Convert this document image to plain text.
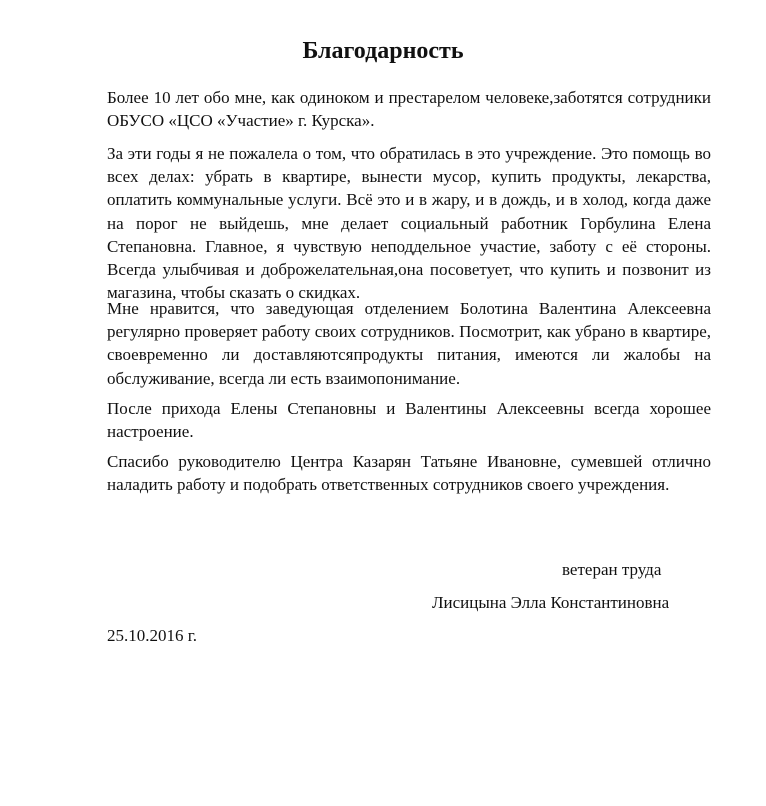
Благодарность

Более 10 лет обо мне, как одиноком и престарелом человеке,заботятся сотрудники ОБУСО «ЦСО «Участие» г. Курска».

За эти годы я не пожалела о том, что обратилась в это учреждение. Это помощь во всех делах: убрать в квартире, вынести мусор, купить продукты, лекарства, оплатить коммунальные услуги. Всё это и в жару, и в дождь, и в холод, когда даже на порог не выйдешь, мне делает социальный работник Горбулина Елена Степановна. Главное, я чувствую неподдельное участие, заботу с её стороны. Всегда улыбчивая и доброжелательная,она посоветует, что купить и позвонит из магазина, чтобы сказать о скидках.

Мне нравится, что заведующая отделением Болотина Валентина Алексеевна регулярно проверяет работу своих сотрудников. Посмотрит, как убрано в квартире, своевременно ли доставляютсяпродукты питания, имеются ли жалобы на обслуживание, всегда ли есть взаимопонимание.

После прихода Елены Степановны и Валентины Алексеевны всегда хорошее настроение.

Спасибо руководителю Центра Казарян Татьяне Ивановне, сумевшей отлично наладить работу и подобрать ответственных сотрудников своего учреждения.

ветеран труда

Лисицына Элла Константиновна

25.10.2016 г.
